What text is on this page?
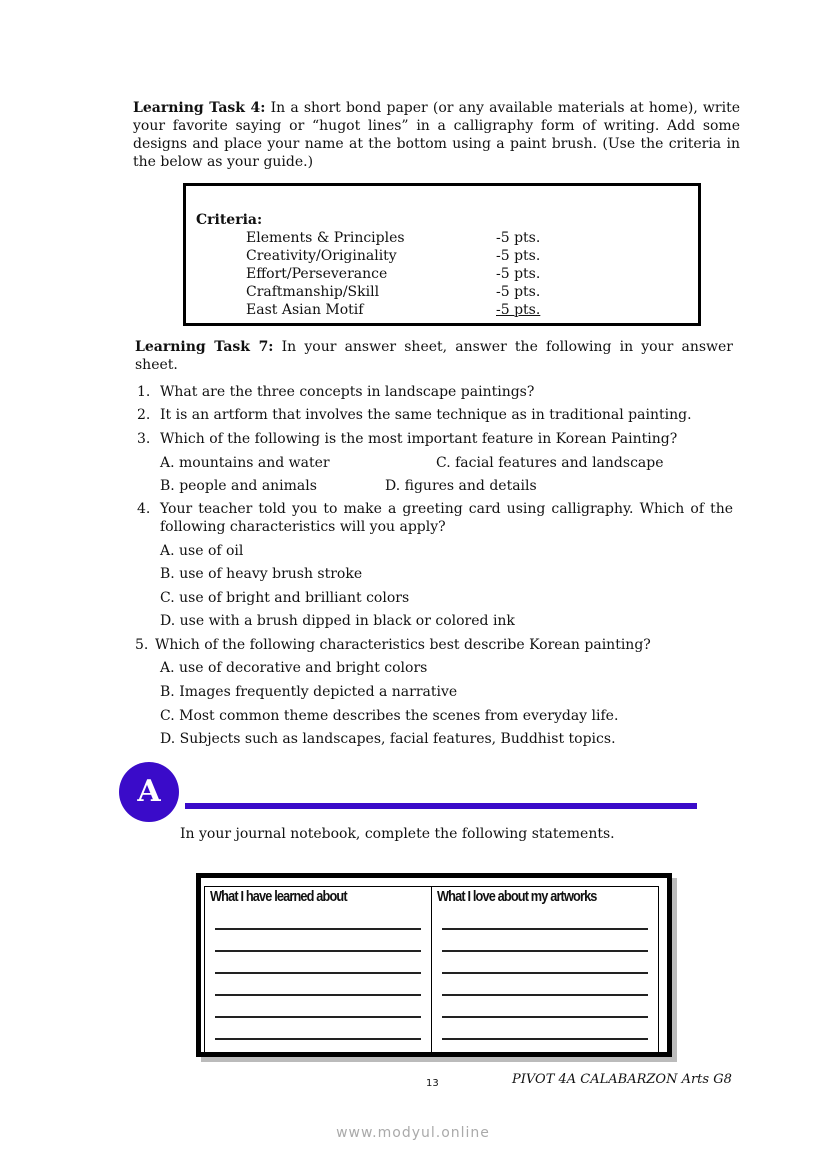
Learning Task 4: In a short bond paper (or any available materials at home), write your favorite saying or “hugot lines” in a calligraphy form of writing. Add some designs and place your name at the bottom using a paint brush. (Use the criteria in the below as your guide.)
Criteria:
Elements & Principles	-5 pts.
Creativity/Originality	-5 pts.
Effort/Perseverance	-5 pts.
Craftmanship/Skill	-5 pts.
East Asian Motif	-5 pts.
Learning Task 7: In your answer sheet, answer the following in your answer sheet.
1. What are the three concepts in landscape paintings?
2. It is an artform that involves the same technique as in traditional painting.
3. Which of the following is the most important feature in Korean Painting?
A. mountains and water	C. facial features and landscape
B. people and animals	D. figures and details
4. Your teacher told you to make a greeting card using calligraphy. Which of the following characteristics will you apply?
A. use of oil
B. use of heavy brush stroke
C. use of bright and brilliant colors
D. use with a brush dipped in black or colored ink
5. Which of the following characteristics best describe Korean painting?
A. use of decorative and bright colors
B. Images frequently depicted a narrative
C. Most common theme describes the scenes from everyday life.
D. Subjects such as landscapes, facial features, Buddhist topics.
A
In your journal notebook, complete the following statements.
What I have learned about	What I love about my artworks
13	PIVOT 4A CALABARZON Arts G8
www.modyul.online
